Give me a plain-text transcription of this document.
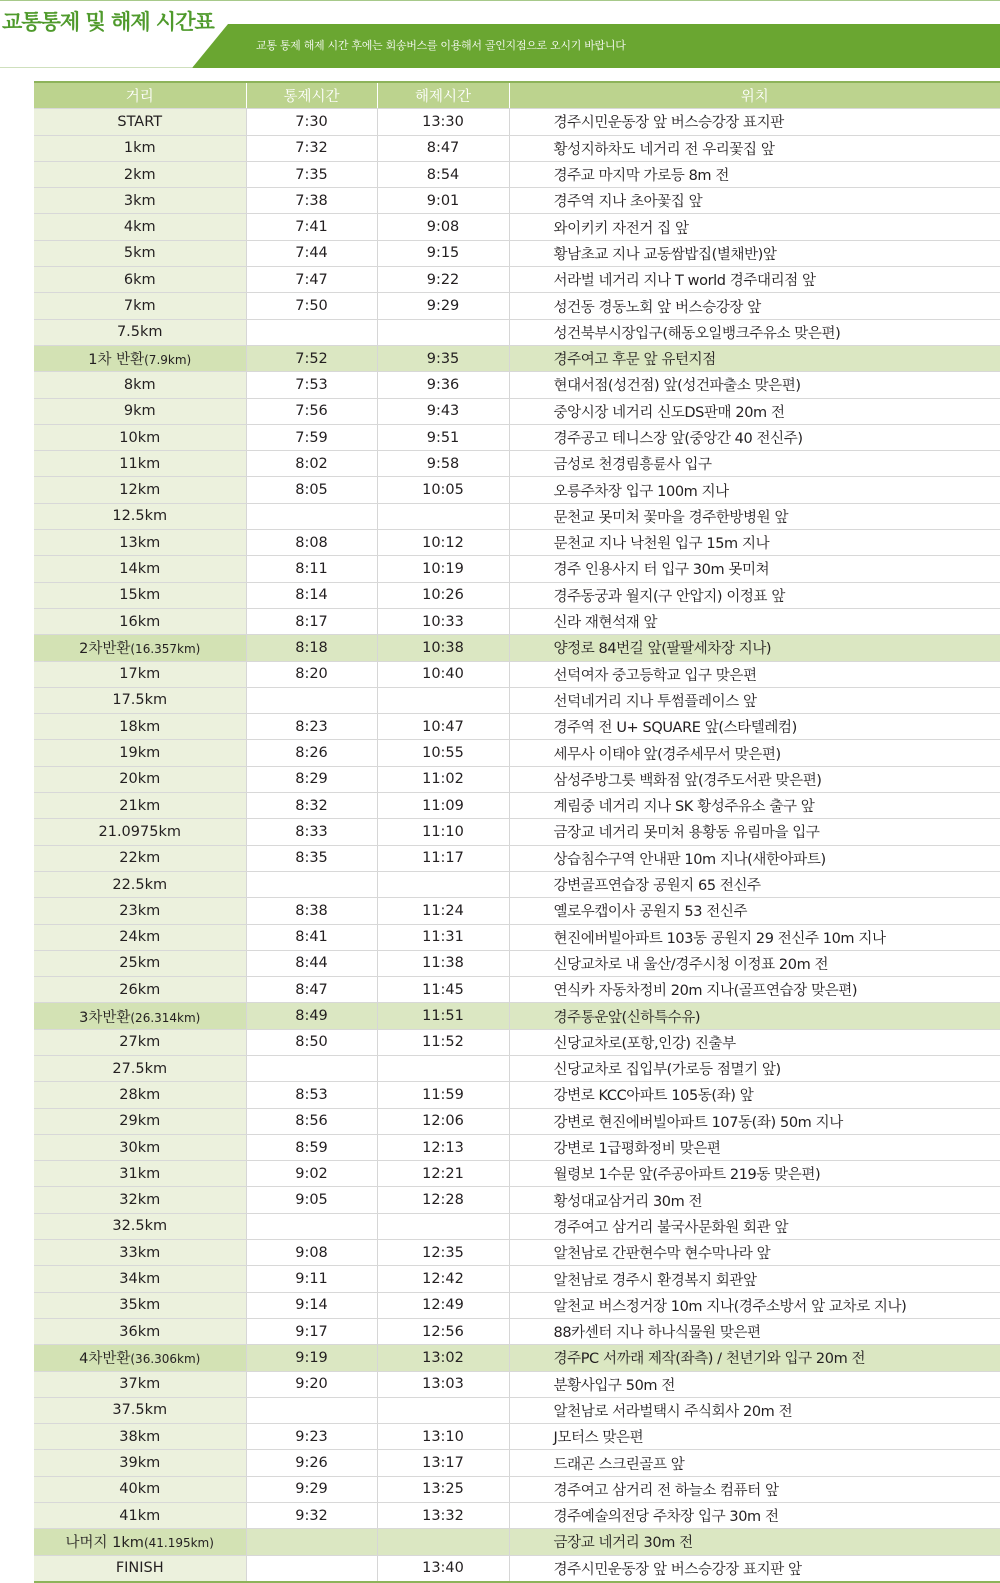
교통통제 및 해제 시간표
교통 통제 해제 시간 후에는 회송버스를 이용해서 골인지점으로 오시기 바랍니다
거리	통제시간	해제시간	위치
START	7:30	13:30	경주시민운동장 앞 버스승강장 표지판
1km	7:32	8:47	황성지하차도 네거리 전 우리꽃집 앞
2km	7:35	8:54	경주교 마지막 가로등 8m 전
3km	7:38	9:01	경주역 지나 초아꽃집 앞
4km	7:41	9:08	와이키키 자전거 집 앞
5km	7:44	9:15	황남초교 지나 교동쌈밥집(별채반)앞
6km	7:47	9:22	서라벌 네거리 지나 T world 경주대리점 앞
7km	7:50	9:29	성건동 경동노회 앞 버스승강장 앞
7.5km			성건북부시장입구(해동오일뱅크주유소 맞은편)
1차 반환(7.9km)	7:52	9:35	경주여고 후문 앞 유턴지점
8km	7:53	9:36	현대서점(성건점) 앞(성건파출소 맞은편)
9km	7:56	9:43	중앙시장 네거리 신도DS판매 20m 전
10km	7:59	9:51	경주공고 테니스장 앞(중앙간 40 전신주)
11km	8:02	9:58	금성로 천경림흥륜사 입구
12km	8:05	10:05	오릉주차장 입구 100m 지나
12.5km			문천교 못미처 꽃마을 경주한방병원 앞
13km	8:08	10:12	문천교 지나 낙천원 입구 15m 지나
14km	8:11	10:19	경주 인용사지 터 입구 30m 못미쳐
15km	8:14	10:26	경주동궁과 월지(구 안압지) 이정표 앞
16km	8:17	10:33	신라 재현석재 앞
2차반환(16.357km)	8:18	10:38	양정로 84번길 앞(팔팔세차장 지나)
17km	8:20	10:40	선덕여자 중고등학교 입구 맞은편
17.5km			선덕네거리 지나 투썸플레이스 앞
18km	8:23	10:47	경주역 전 U+ SQUARE 앞(스타텔레컴)
19km	8:26	10:55	세무사 이태야 앞(경주세무서 맞은편)
20km	8:29	11:02	삼성주방그릇 백화점 앞(경주도서관 맞은편)
21km	8:32	11:09	계림중 네거리 지나 SK 황성주유소 출구 앞
21.0975km	8:33	11:10	금장교 네거리 못미처 용황동 유림마을 입구
22km	8:35	11:17	상습침수구역 안내판 10m 지나(새한아파트)
22.5km			강변골프연습장 공원지 65 전신주
23km	8:38	11:24	옐로우캡이사 공원지 53 전신주
24km	8:41	11:31	현진에버빌아파트 103동 공원지 29 전신주 10m 지나
25km	8:44	11:38	신당교차로 내 울산/경주시청 이정표 20m 전
26km	8:47	11:45	연식카 자동차정비 20m 지나(골프연습장 맞은편)
3차반환(26.314km)	8:49	11:51	경주통운앞(신하특수유)
27km	8:50	11:52	신당교차로(포항,인강) 진출부
27.5km			신당교차로 집입부(가로등 점멸기 앞)
28km	8:53	11:59	강변로 KCC아파트 105동(좌) 앞
29km	8:56	12:06	강변로 현진에버빌아파트 107동(좌) 50m 지나
30km	8:59	12:13	강변로 1급평화정비 맞은편
31km	9:02	12:21	월령보 1수문 앞(주공아파트 219동 맞은편)
32km	9:05	12:28	황성대교삼거리 30m 전
32.5km			경주여고 삼거리 불국사문화원 회관 앞
33km	9:08	12:35	알천남로 간판현수막 현수막나라 앞
34km	9:11	12:42	알천남로 경주시 환경복지 회관앞
35km	9:14	12:49	알천교 버스정거장 10m 지나(경주소방서 앞 교차로 지나)
36km	9:17	12:56	88카센터 지나 하나식물원 맞은편
4차반환(36.306km)	9:19	13:02	경주PC 서까래 제작(좌측) / 천년기와 입구 20m 전
37km	9:20	13:03	분황사입구 50m 전
37.5km			알천남로 서라벌택시 주식회사 20m 전
38km	9:23	13:10	J모터스 맞은편
39km	9:26	13:17	드래곤 스크린골프 앞
40km	9:29	13:25	경주여고 삼거리 전 하늘소 컴퓨터 앞
41km	9:32	13:32	경주예술의전당 주차장 입구 30m 전
나머지 1km(41.195km)			금장교 네거리 30m 전
FINISH		13:40	경주시민운동장 앞 버스승강장 표지판 앞
